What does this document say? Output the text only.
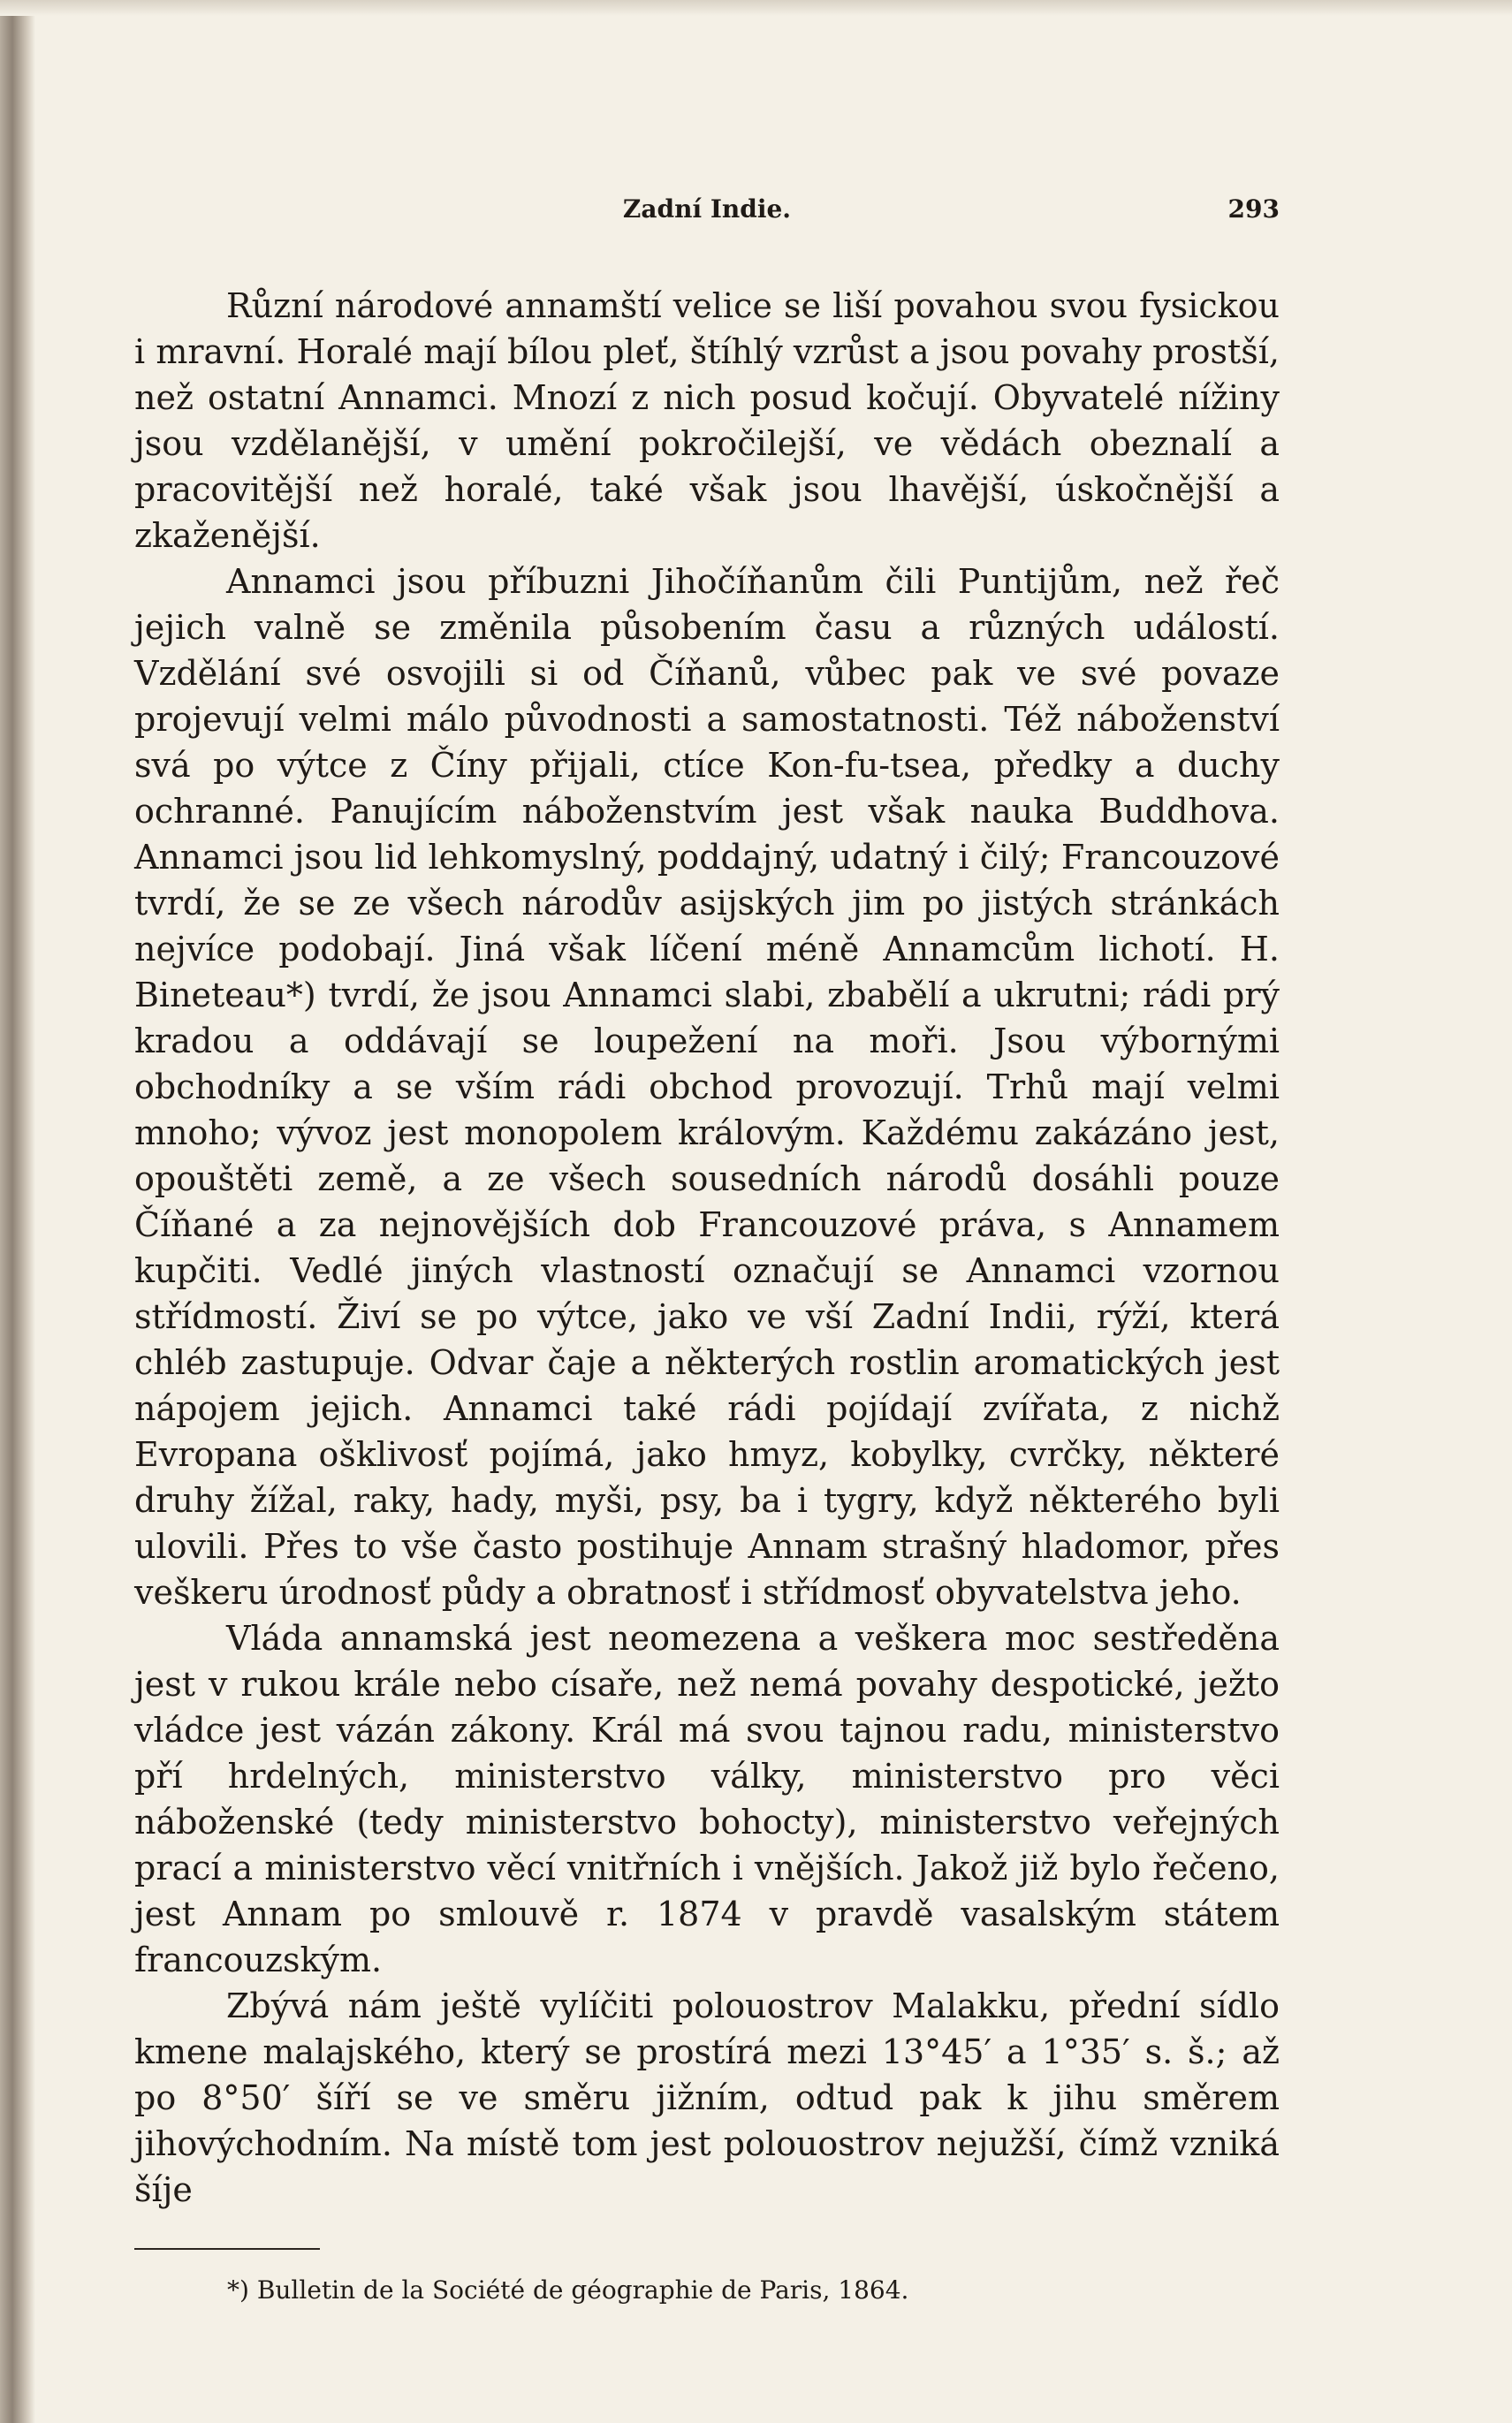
Zadní Indie.	293

Různí národové annamští velice se liší povahou svou fysickou i mravní. Horalé mají bílou pleť, štíhlý vzrůst a jsou povahy prostší, než ostatní Annamci. Mnozí z nich posud kočují. Obyvatelé nížiny jsou vzdělanější, v umění pokročilejší, ve vědách obeznalí a pracovitější než horalé, také však jsou lhavější, úskočnější a zkaženější.

Annamci jsou příbuzni Jihočíňanům čili Puntijům, než řeč jejich valně se změnila působením času a různých událostí. Vzdělání své osvojili si od Číňanů, vůbec pak ve své povaze projevují velmi málo původnosti a samostatnosti. Též náboženství svá po výtce z Číny přijali, ctíce Kon-fu-tsea, předky a duchy ochranné. Panujícím náboženstvím jest však nauka Buddhova. Annamci jsou lid lehkomyslný, poddajný, udatný i čilý; Francouzové tvrdí, že se ze všech národův asijských jim po jistých stránkách nejvíce podobají. Jiná však líčení méně Annamcům lichotí. H. Bineteau*) tvrdí, že jsou Annamci slabi, zbabělí a ukrutni; rádi prý kradou a oddávají se loupežení na moři. Jsou výbornými obchodníky a se vším rádi obchod provozují. Trhů mají velmi mnoho; vývoz jest monopolem královým. Každému zakázáno jest, opouštěti země, a ze všech sousedních národů dosáhli pouze Číňané a za nejnovějších dob Francouzové práva, s Annamem kupčiti. Vedlé jiných vlastností označují se Annamci vzornou střídmostí. Živí se po výtce, jako ve vší Zadní Indii, rýží, která chléb zastupuje. Odvar čaje a některých rostlin aromatických jest nápojem jejich. Annamci také rádi pojídají zvířata, z nichž Evropana ošklivosť pojímá, jako hmyz, kobylky, cvrčky, některé druhy žížal, raky, hady, myši, psy, ba i tygry, když některého byli ulovili. Přes to vše často postihuje Annam strašný hladomor, přes veškeru úrodnosť půdy a obratnosť i střídmosť obyvatelstva jeho.

Vláda annamská jest neomezena a veškera moc sestředěna jest v rukou krále nebo císaře, než nemá povahy despotické, ježto vládce jest vázán zákony. Král má svou tajnou radu, ministerstvo pří hrdelných, ministerstvo války, ministerstvo pro věci náboženské (tedy ministerstvo bohocty), ministerstvo veřejných prací a ministerstvo věcí vnitřních i vnějších. Jakož již bylo řečeno, jest Annam po smlouvě r. 1874 v pravdě vasalským státem francouzským.

Zbývá nám ještě vylíčiti polouostrov Malakku, přední sídlo kmene malajského, který se prostírá mezi 13°45′ a 1°35′ s. š.; až po 8°50′ šíří se ve směru jižním, odtud pak k jihu směrem jihovýchodním. Na místě tom jest polouostrov nejužší, čímž vzniká šíje

*) Bulletin de la Société de géographie de Paris, 1864.
